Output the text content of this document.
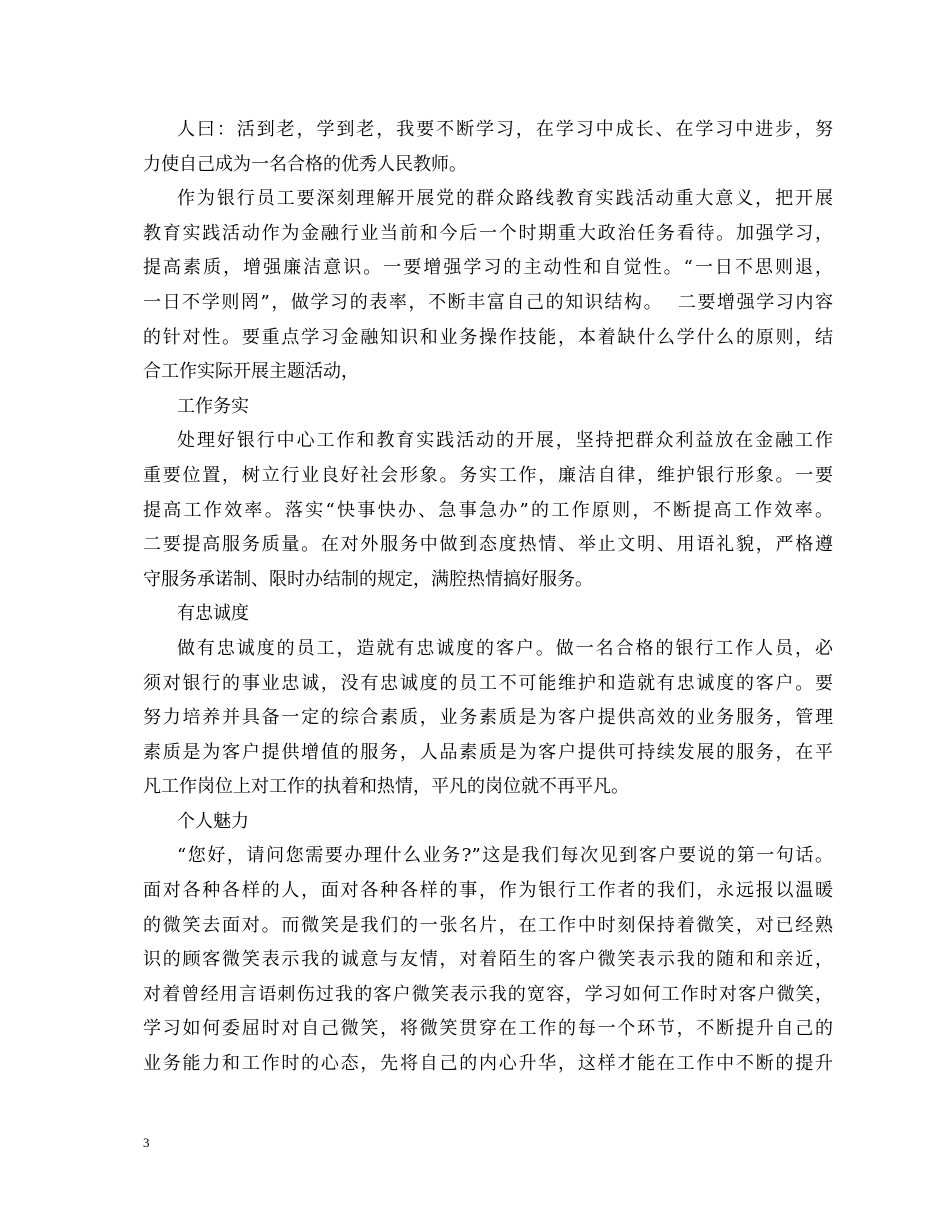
人曰：活到老，学到老，我要不断学习，在学习中成长、在学习中进步，努
力使自己成为一名合格的优秀人民教师。
作为银行员工要深刻理解开展党的群众路线教育实践活动重大意义，把开展
教育实践活动作为金融行业当前和今后一个时期重大政治任务看待。加强学习，
提高素质，增强廉洁意识。一要增强学习的主动性和自觉性。“一日不思则退，
一日不学则罔”，做学习的表率，不断丰富自己的知识结构。  二要增强学习内容
的针对性。要重点学习金融知识和业务操作技能，本着缺什么学什么的原则，结
合工作实际开展主题活动，
工作务实
处理好银行中心工作和教育实践活动的开展，坚持把群众利益放在金融工作
重要位置，树立行业良好社会形象。务实工作，廉洁自律，维护银行形象。一要
提高工作效率。落实“快事快办、急事急办”的工作原则，不断提高工作效率。
二要提高服务质量。在对外服务中做到态度热情、举止文明、用语礼貌，严格遵
守服务承诺制、限时办结制的规定，满腔热情搞好服务。
有忠诚度
做有忠诚度的员工，造就有忠诚度的客户。做一名合格的银行工作人员，必
须对银行的事业忠诚，没有忠诚度的员工不可能维护和造就有忠诚度的客户。要
努力培养并具备一定的综合素质，业务素质是为客户提供高效的业务服务，管理
素质是为客户提供增值的服务，人品素质是为客户提供可持续发展的服务，在平
凡工作岗位上对工作的执着和热情，平凡的岗位就不再平凡。
个人魅力
“您好，请问您需要办理什么业务?”这是我们每次见到客户要说的第一句话。
面对各种各样的人，面对各种各样的事，作为银行工作者的我们，永远报以温暖
的微笑去面对。而微笑是我们的一张名片，在工作中时刻保持着微笑，对已经熟
识的顾客微笑表示我的诚意与友情，对着陌生的客户微笑表示我的随和和亲近，
对着曾经用言语刺伤过我的客户微笑表示我的宽容，学习如何工作时对客户微笑，
学习如何委屈时对自己微笑，将微笑贯穿在工作的每一个环节，不断提升自己的
业务能力和工作时的心态，先将自己的内心升华，这样才能在工作中不断的提升
3
